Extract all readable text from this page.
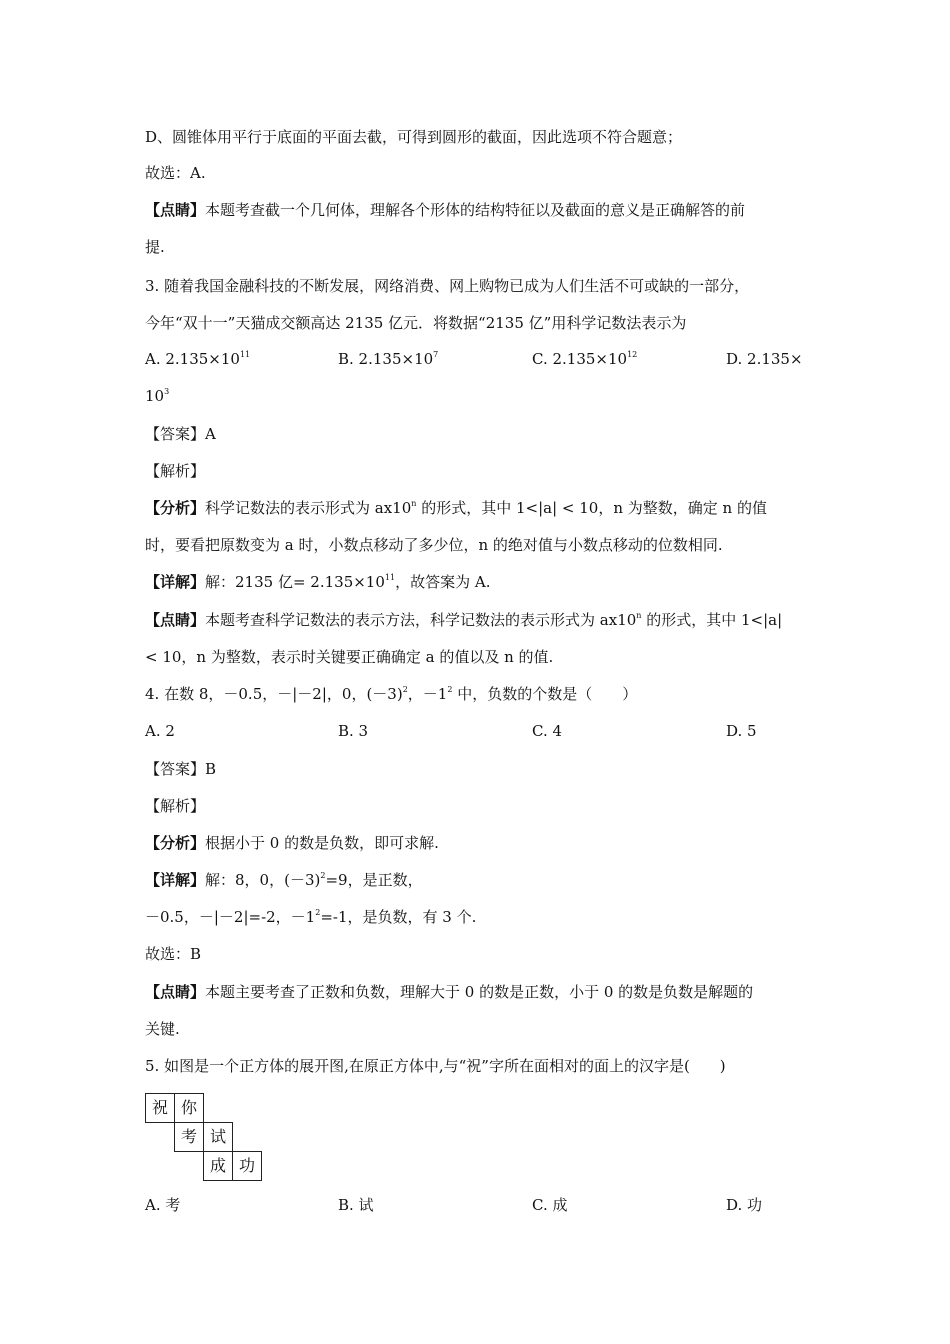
D、圆锥体用平行于底面的平面去截，可得到圆形的截面，因此选项不符合题意；
故选：A.
【点睛】本题考查截一个几何体，理解各个形体的结构特征以及截面的意义是正确解答的前
提.
3. 随着我国金融科技的不断发展，网络消费、网上购物已成为人们生活不可或缺的一部分，
今年“双十一”天猫成交额高达 2135 亿元．将数据“2135 亿”用科学记数法表示为
A. $2.135\times 10^{11}$	B. $2.135\times 10^7$	C. $2.135\times 10^{12}$	D. 2.135×
$10^3$
【答案】A
【解析】
【分析】科学记数法的表示形式为 ax10$^n$ 的形式，其中 1<|a| < 10，n 为整数，确定 n 的值
时，要看把原数变为 a 时，小数点移动了多少位，n 的绝对值与小数点移动的位数相同.
【详解】解：2135 亿= $2.135\times 10^{11}$，故答案为 A.
【点睛】本题考查科学记数法的表示方法，科学记数法的表示形式为 ax10$^n$ 的形式，其中 1<|a|
< 10，n 为整数，表示时关键要正确确定 a 的值以及 n 的值.
4. 在数 8，－0.5，－|－2|，0，$(-3)^2$，$-1^2$ 中，负数的个数是（　　）
A. 2	B. 3	C. 4	D. 5
【答案】B
【解析】
【分析】根据小于 0 的数是负数，即可求解.
【详解】解：8，0，$(-3)^2=9$，是正数，
－0.5，－|－2|=-2，$-1^2=-1$，是负数，有 3 个.
故选：B
【点睛】本题主要考查了正数和负数，理解大于 0 的数是正数，小于 0 的数是负数是解题的
关键.
5. 如图是一个正方体的展开图,在原正方体中,与“祝”字所在面相对的面上的汉字是(　　)
祝 你
考 试
成 功
A. 考	B. 试	C. 成	D. 功
